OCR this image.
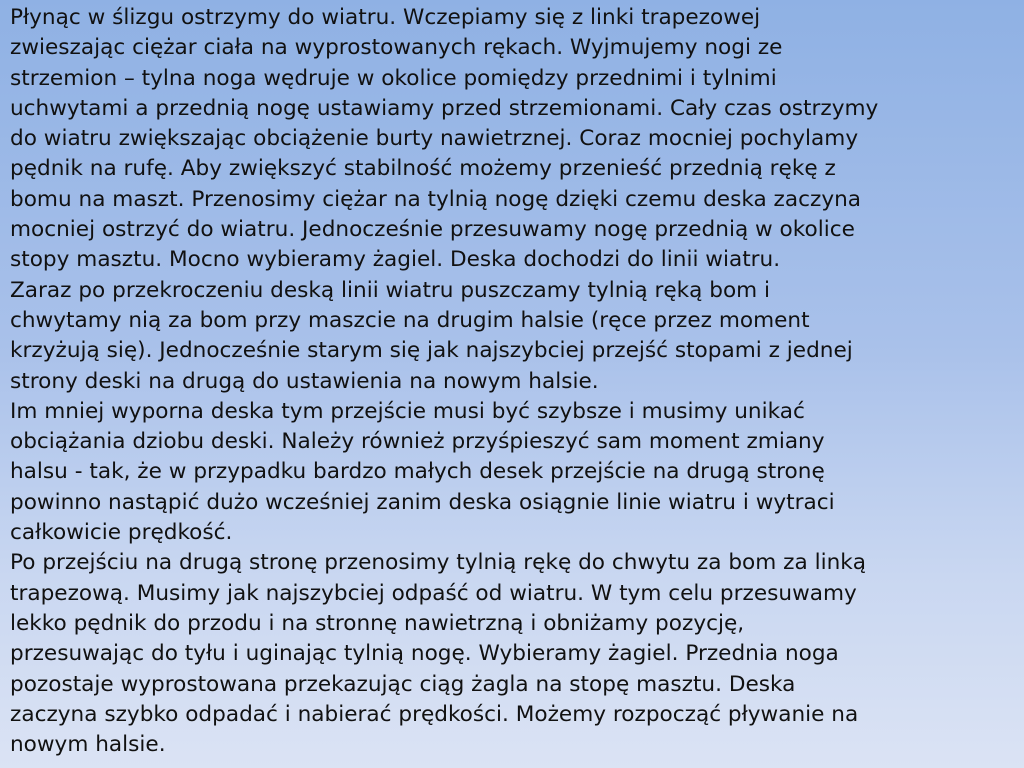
Płynąc w ślizgu ostrzymy do wiatru. Wczepiamy się z linki trapezowej
zwieszając ciężar ciała na wyprostowanych rękach. Wyjmujemy nogi ze
strzemion – tylna noga wędruje w okolice pomiędzy przednimi i tylnimi
uchwytami a przednią nogę ustawiamy przed strzemionami. Cały czas ostrzymy
do wiatru zwiększając obciążenie burty nawietrznej. Coraz mocniej pochylamy
pędnik na rufę. Aby zwiększyć stabilność możemy przenieść przednią rękę z
bomu na maszt. Przenosimy ciężar na tylnią nogę dzięki czemu deska zaczyna
mocniej ostrzyć do wiatru. Jednocześnie przesuwamy nogę przednią w okolice
stopy masztu. Mocno wybieramy żagiel. Deska dochodzi do linii wiatru.

Zaraz po przekroczeniu deską linii wiatru puszczamy tylnią ręką bom i
chwytamy nią za bom przy maszcie na drugim halsie (ręce przez moment
krzyżują się). Jednocześnie starym się jak najszybciej przejść stopami z jednej
strony deski na drugą do ustawienia na nowym halsie.

Im mniej wyporna deska tym przejście musi być szybsze i musimy unikać
obciążania dziobu deski. Należy również przyśpieszyć sam moment zmiany
halsu - tak, że w przypadku bardzo małych desek przejście na drugą stronę
powinno nastąpić dużo wcześniej zanim deska osiągnie linie wiatru i wytraci
całkowicie prędkość.

Po przejściu na drugą stronę przenosimy tylnią rękę do chwytu za bom za linką
trapezową. Musimy jak najszybciej odpaść od wiatru. W tym celu przesuwamy
lekko pędnik do przodu i na stronnę nawietrzną i obniżamy pozycję,
przesuwając do tyłu i uginając tylnią nogę. Wybieramy żagiel. Przednia noga
pozostaje wyprostowana przekazując ciąg żagla na stopę masztu. Deska
zaczyna szybko odpadać i nabierać prędkości. Możemy rozpocząć pływanie na
nowym halsie.
